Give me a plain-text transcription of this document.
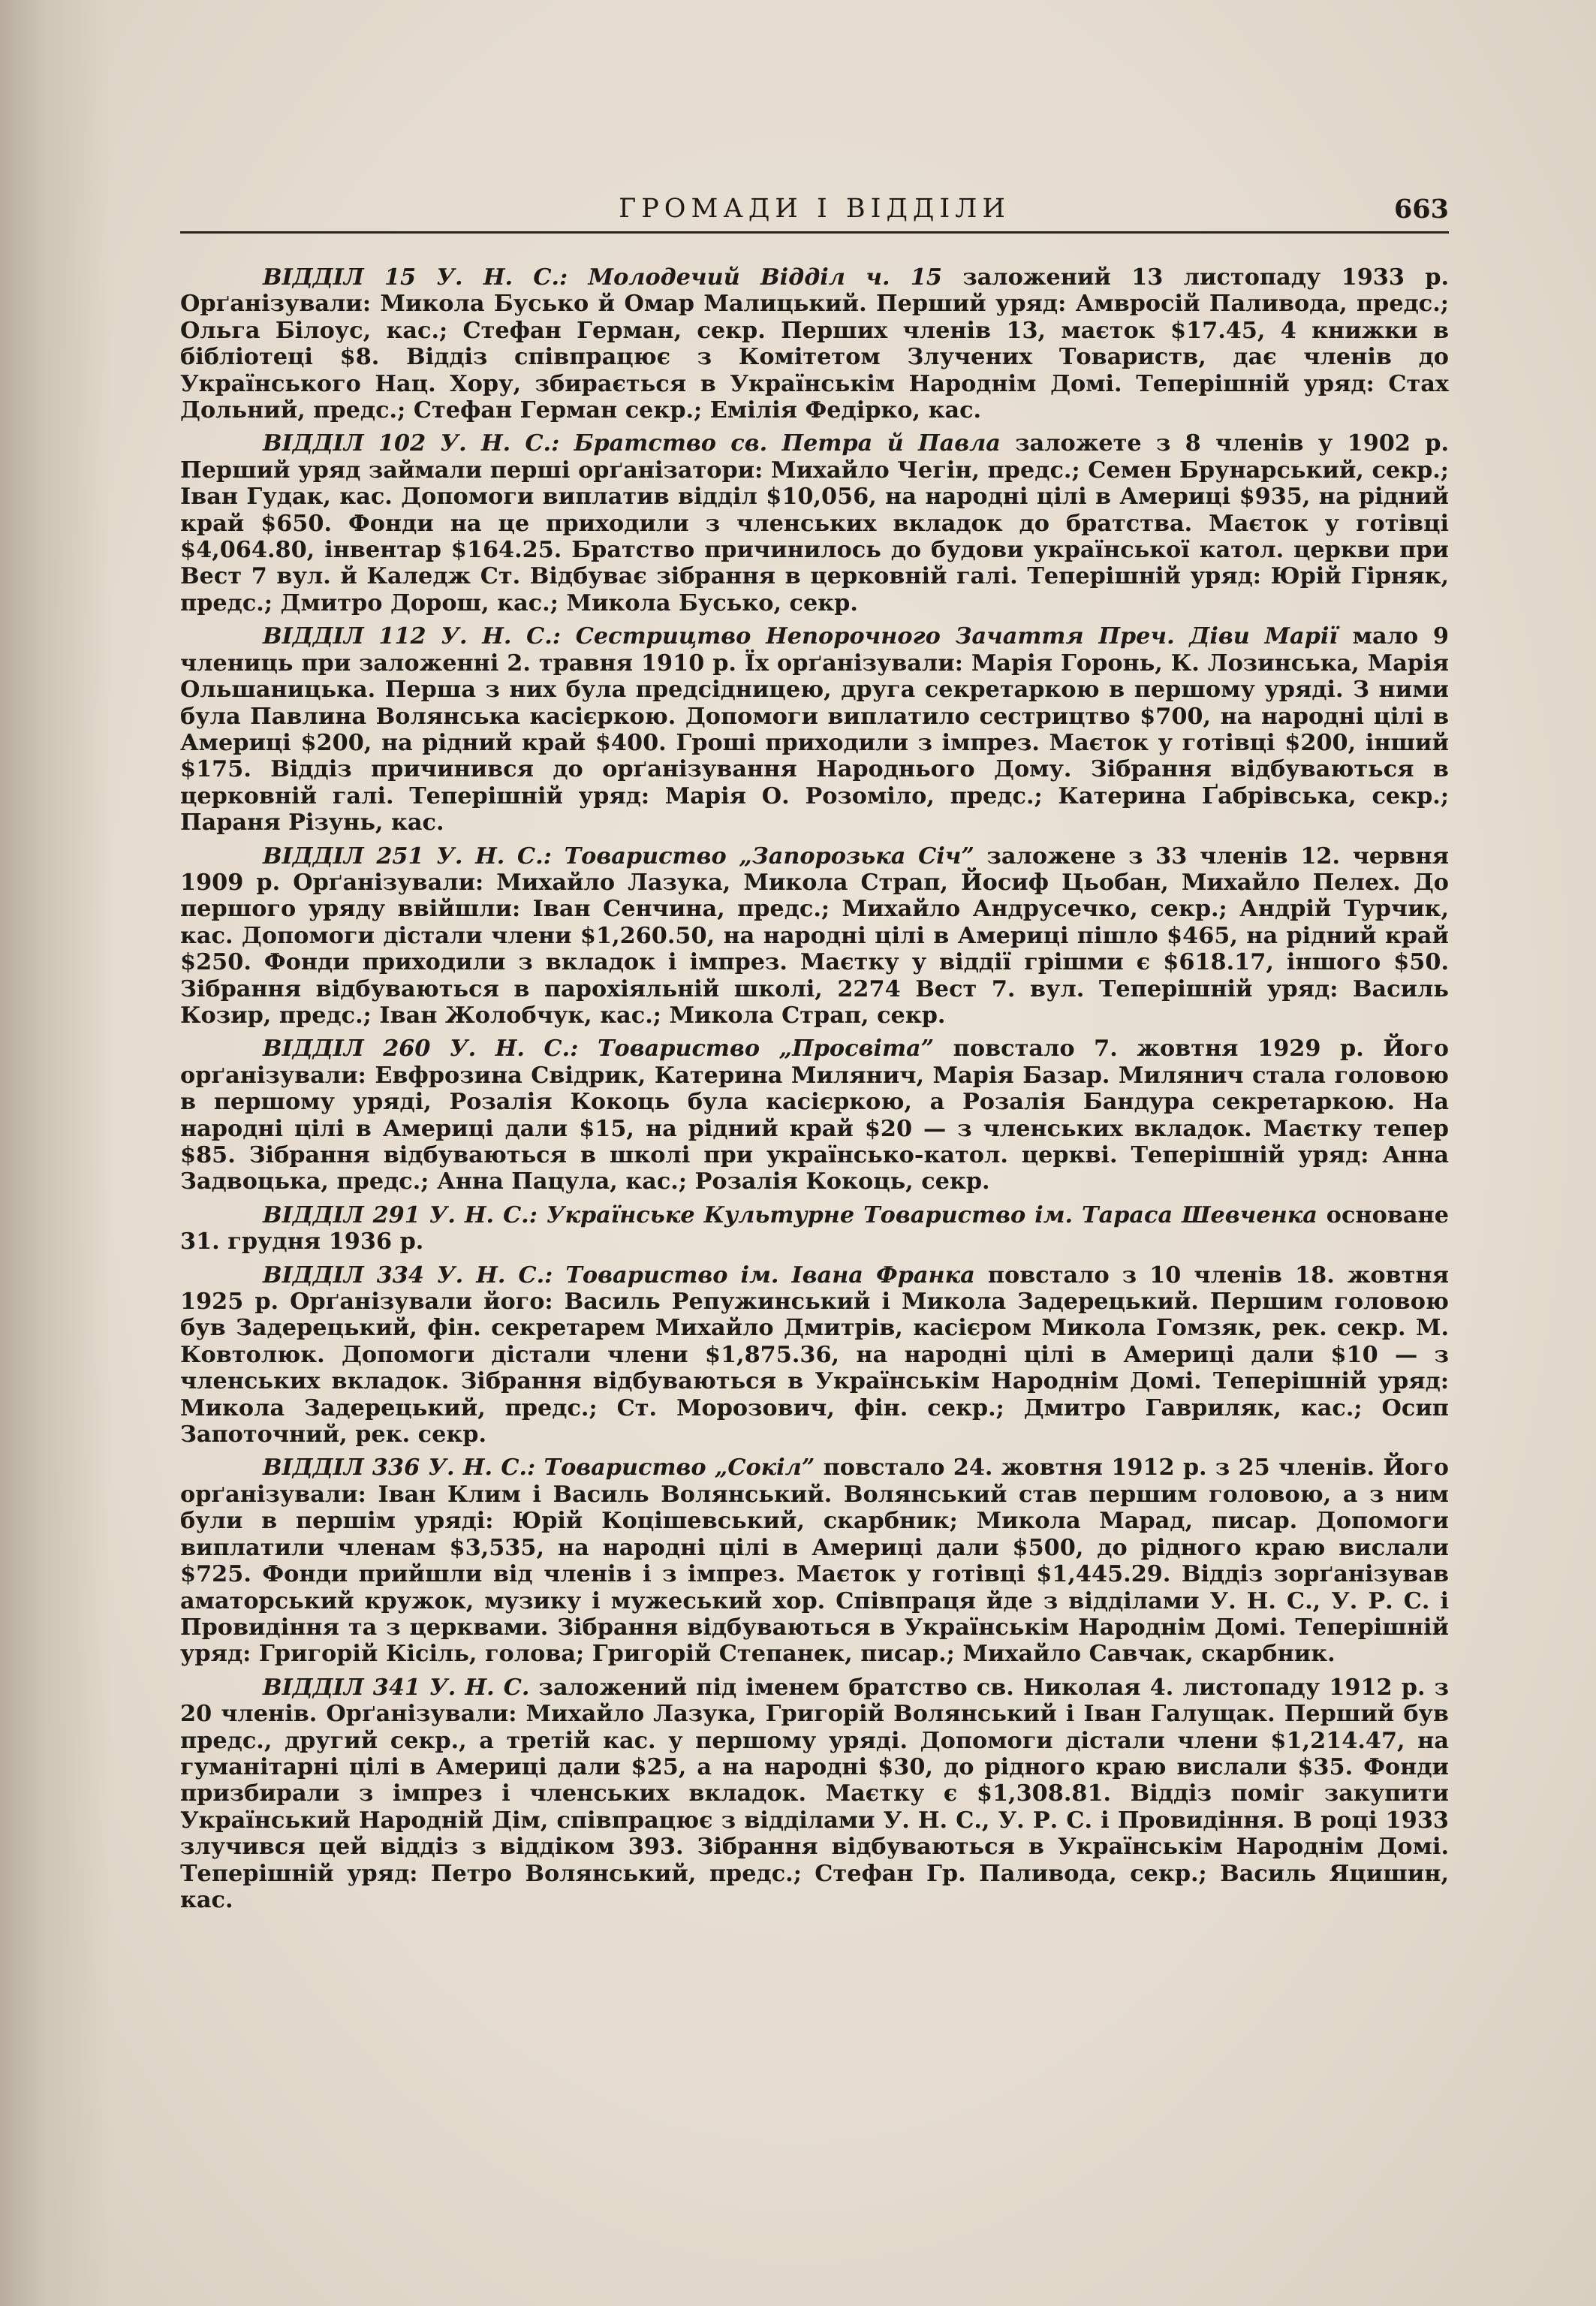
ГРОМАДИ І ВІДДІЛИ	663

ВІДДІЛ 15 У. Н. С.: Молодечий Відділ ч. 15 заложений 13 листопаду 1933 р. Орґанізували: Микола Бусько й Омар Малицький. Перший уряд: Амвросій Паливода, предс.; Ольга Білоус, кас.; Стефан Герман, секр. Перших членів 13, маєток $17.45, 4 книжки в бібліотеці $8. Віддіз співпрацює з Комітетом Злучених Товариств, дає членів до Українського Нац. Хору, збирається в Українськім Народнім Домі. Теперішній уряд: Стах Дольний, предс.; Стефан Герман секр.; Емілія Федірко, кас.

ВІДДІЛ 102 У. Н. С.: Братство св. Петра й Павла заложете з 8 членів у 1902 р. Перший уряд займали перші орґанізатори: Михайло Чегін, предс.; Семен Брунарський, секр.; Іван Гудак, кас. Допомоги виплатив відділ $10,056, на народні цілі в Америці $935, на рідний край $650. Фонди на це приходили з членських вкладок до братства. Маєток у готівці $4,064.80, інвентар $164.25. Братство причинилось до будови української катол. церкви при Вест 7 вул. й Каледж Ст. Відбуває зібрання в церковній галі. Теперішній уряд: Юрій Гірняк, предс.; Дмитро Дорош, кас.; Микола Бусько, секр.

ВІДДІЛ 112 У. Н. С.: Сестрицтво Непорочного Зачаття Преч. Діви Марії мало 9 члениць при заложенні 2. травня 1910 р. Їх орґанізували: Марія Горонь, К. Лозинська, Марія Ольшаницька. Перша з них була предсідницею, друга секретаркою в першому уряді. З ними була Павлина Волянська касієркою. Допомоги виплатило сестрицтво $700, на народні цілі в Америці $200, на рідний край $400. Гроші приходили з імпрез. Маєток у готівці $200, інший $175. Віддіз причинився до орґанізування Народнього Дому. Зібрання відбуваються в церковній галі. Теперішній уряд: Марія О. Розоміло, предс.; Катерина Ґабрівська, секр.; Параня Різунь, кас.

ВІДДІЛ 251 У. Н. С.: Товариство „Запорозька Січ” заложене з 33 членів 12. червня 1909 р. Орґанізували: Михайло Лазука, Микола Страп, Йосиф Цьобан, Михайло Пелех. До першого уряду ввійшли: Іван Сенчина, предс.; Михайло Андрусечко, секр.; Андрій Турчик, кас. Допомоги дістали члени $1,260.50, на народні цілі в Америці пішло $465, на рідний край $250. Фонди приходили з вкладок і імпрез. Маєтку у віддії грішми є $618.17, іншого $50. Зібрання відбуваються в парохіяльній школі, 2274 Вест 7. вул. Теперішній уряд: Василь Козир, предс.; Іван Жолобчук, кас.; Микола Страп, секр.

ВІДДІЛ 260 У. Н. С.: Товариство „Просвіта” повстало 7. жовтня 1929 р. Його орґанізували: Евфрозина Свідрик, Катерина Милянич, Марія Базар. Милянич стала головою в першому уряді, Розалія Кокоць була касієркою, а Розалія Бандура секретаркою. На народні цілі в Америці дали $15, на рідний край $20 — з членських вкладок. Маєтку тепер $85. Зібрання відбуваються в школі при українсько-катол. церкві. Теперішній уряд: Анна Задвоцька, предс.; Анна Пацула, кас.; Розалія Кокоць, секр.

ВІДДІЛ 291 У. Н. С.: Українське Культурне Товариство ім. Тараса Шевченка основане 31. грудня 1936 р.

ВІДДІЛ 334 У. Н. С.: Товариство ім. Івана Франка повстало з 10 членів 18. жовтня 1925 р. Орґанізували його: Василь Репужинський і Микола Задерецький. Першим головою був Задерецький, фін. секретарем Михайло Дмитрів, касієром Микола Гомзяк, рек. секр. М. Ковтолюк. Допомоги дістали члени $1,875.36, на народні цілі в Америці дали $10 — з членських вкладок. Зібрання відбуваються в Українськім Народнім Домі. Теперішній уряд: Микола Задерецький, предс.; Ст. Морозович, фін. секр.; Дмитро Гавриляк, кас.; Осип Запоточний, рек. секр.

ВІДДІЛ 336 У. Н. С.: Товариство „Сокіл” повстало 24. жовтня 1912 р. з 25 членів. Його орґанізували: Іван Клим і Василь Волянський. Волянський став першим головою, а з ним були в першім уряді: Юрій Коцішевський, скарбник; Микола Марад, писар. Допомоги виплатили членам $3,535, на народні цілі в Америці дали $500, до рідного краю вислали $725. Фонди прийшли від членів і з імпрез. Маєток у готівці $1,445.29. Віддіз зорґанізував аматорський кружок, музику і мужеський хор. Співпраця йде з відділами У. Н. С., У. Р. С. і Провидіння та з церквами. Зібрання відбуваються в Українськім Народнім Домі. Теперішній уряд: Григорій Кісіль, голова; Григорій Степанек, писар.; Михайло Савчак, скарбник.

ВІДДІЛ 341 У. Н. С. заложений під іменем братство св. Николая 4. листопаду 1912 р. з 20 членів. Орґанізували: Михайло Лазука, Григорій Волянський і Іван Галущак. Перший був предс., другий секр., а третій кас. у першому уряді. Допомоги дістали члени $1,214.47, на гуманітарні цілі в Америці дали $25, а на народні $30, до рідного краю вислали $35. Фонди призбирали з імпрез і членських вкладок. Маєтку є $1,308.81. Віддіз поміг закупити Український Народній Дім, співпрацює з відділами У. Н. С., У. Р. С. і Провидіння. В році 1933 злучився цей віддіз з віддіком 393. Зібрання відбуваються в Українськім Народнім Домі. Теперішній уряд: Петро Волянський, предс.; Стефан Гр. Паливода, секр.; Василь Яцишин, кас.
